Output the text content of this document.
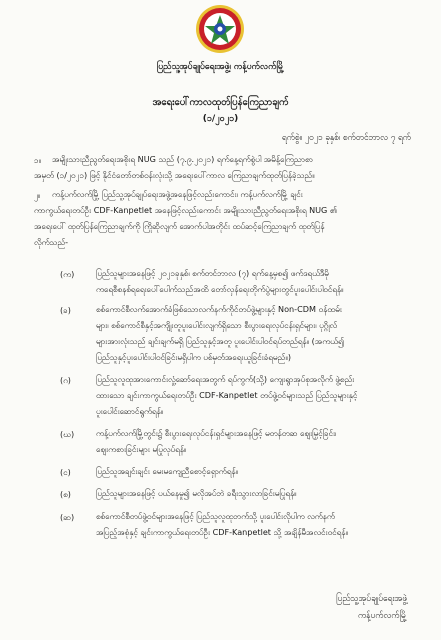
ပြည်သူ့အုပ်ချုပ်ရေးအဖွဲ့၊ ကန့်ပက်လက်မြို့
အရေးပေါ်ကာလထုတ်ပြန်ကြေညာချက်
(၁/၂၀၂၁)
ရက်စွဲ။ ၂၀၂၁ ခုနှစ်၊ စက်တင်ဘာလ ၇ ရက်
၁။ အမျိုးသားညီညွတ်ရေးအစိုးရ NUG သည် (၇.၉.၂၀၂၁) ရက်နေ့ရက်စွဲပါ အမိန့်ကြေညာစာ
အမှတ် (၁/၂၀၂၁) ဖြင့် နိုင်ငံတော်တစ်ဝန်းလုံးသို့ အရေးပေါ်ကာလ ကြေညာချက်ထုတ်ပြန်ခဲ့သည်။
၂။ ကန့်ပက်လက်မြို့ ပြည်သူ့အုပ်ချုပ်ရေးအဖွဲ့အနေဖြင့်လည်းကောင်း၊ ကန့်ပက်လက်မြို့ ချင်း
ကာကွယ်ရေးတပ်ဦး CDF-Kanpetlet အနေဖြင့်လည်းကောင်း အမျိုးသားညီညွတ်ရေးအစိုးရ NUG ၏
အရေးပေါ် ထုတ်ပြန်ကြေညာချက်ကို ကြိုဆိုလျက် အောက်ပါအတိုင်း ထပ်ဆင့်ကြေညာချက် ထုတ်ပြန်
လိုက်သည်-
(က)	ပြည်သူများအနေဖြင့် ၂၀၂၁ခုနှစ်၊ စက်တင်ဘာလ (၇) ရက်နေ့မှစ၍ ဖက်ဒရယ်ဒီမို
ကရေစီစနစ်ရရေးပေါ်ပေါက်သည်အထိ တော်လှန်ရေးတိုက်ပွဲများတွင်ပူးပေါင်းပါဝင်ရန်။
(ခ)	စစ်ကောင်စီလက်အောက်ခံဖြစ်သောလက်နက်ကိုင်တပ်ဖွဲ့များနှင့် Non-CDM ဝန်ထမ်း
များ၊ စစ်ကောင်စီနှင့်အကျိုးတူပူးပေါင်းလျက်ရှိသော စီးပွားရေးလုပ်ငန်းရှင်များ၊ ပုဂ္ဂိုလ်
များအားလုံးသည် ချင်းချက်မရှိ ပြည်သူနှင့်အတူ ပူးပေါင်းပါဝင်ရပ်တည်ရန်။ (အကယ်၍
ပြည်သူနှင့်ပူးပေါင်းပါဝင်ခြင်းမရှိပါက ပစ်မှတ်အရေးယူခြင်းခံရမည်။)
(ဂ)	ပြည်သူလူထုအားကောင်းလှုံ့ဆော်ရေးအတွက် ရပ်ကွက်(သို့) ကျေးရွာအုပ်စုအလိုက် ဖွဲ့စည်း
ထားသော ချင်းကာကွယ်ရေးတပ်ဦး CDF-Kanpetlet တပ်ဖွဲ့ဝင်များသည် ပြည်သူများနှင့်
ပူးပေါင်းဆောင်ရွက်ရန်။
(ဃ)	ကန့်ပက်လက်မြို့တွင်း၌ စီးပွားရေးလုပ်ငန်းရှင်များအနေဖြင့် မတန်တဆ ဈေးမြှင့်ခြင်း၊
ဈေးကစားခြင်းများ မပြုလုပ်ရန်။
(င)	ပြည်သူအချင်းချင်း မေးမကျေညီစောင့်ရှောက်ရန်။
(စ)	ပြည်သူများအနေဖြင့် ပယ်နေမှု၍ မလိုအပ်ဘဲ ခရီးသွားလာခြင်းမပြုရန်။
(ဆ)	စစ်ကောင်စီတပ်ဖွဲ့ဝင်များအနေဖြင့် ပြည်သူလူထုဘက်သို့ ပူးပေါင်းလိုပါက လက်နက်
အပြည့်အစုံနှင့် ချင်းကာကွယ်ရေးတပ်ဦး CDF-Kanpetlet သို့ အချိန်မီအလင်းဝင်ရန်။
ပြည်သူ့အုပ်ချုပ်ရေးအဖွဲ့
ကန့်ပက်လက်မြို့
